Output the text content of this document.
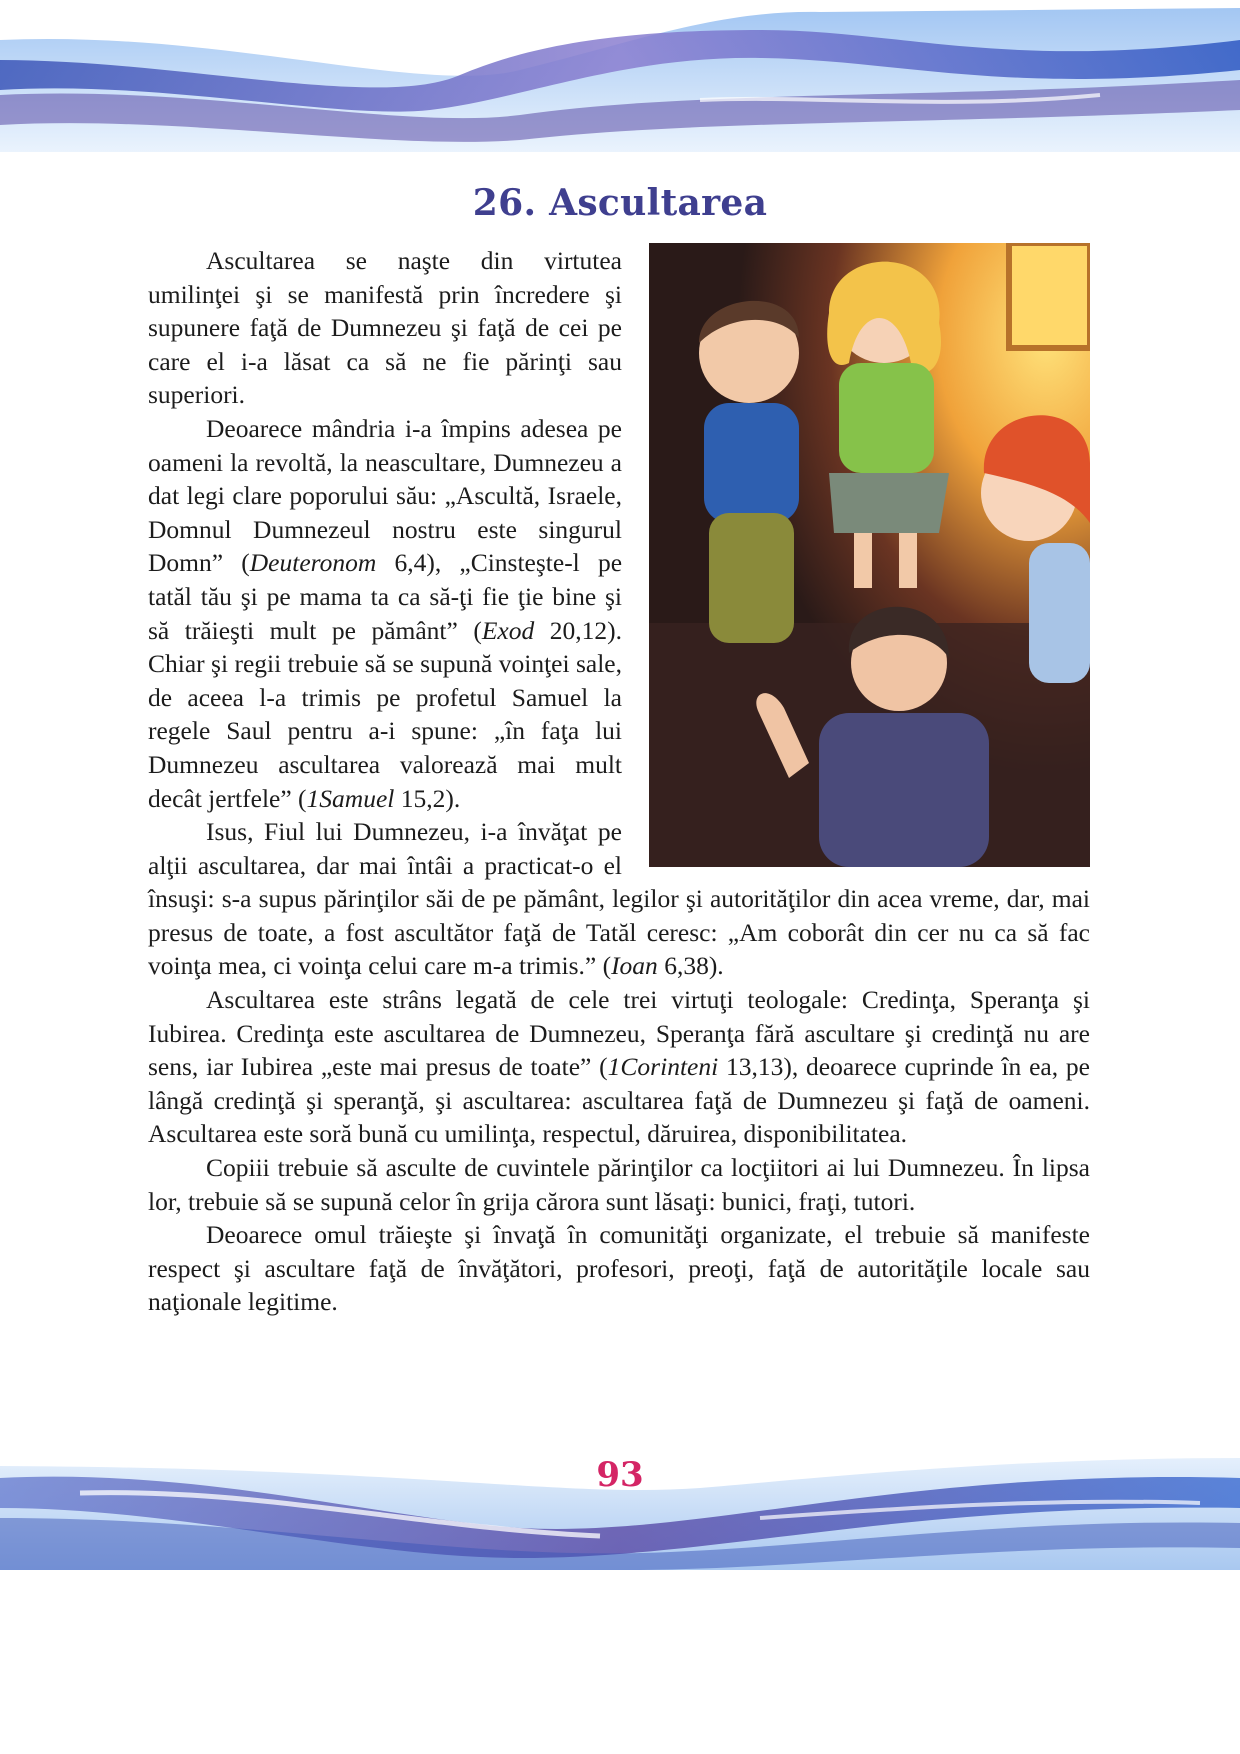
26. Ascultarea

Ascultarea se naşte din virtutea umilinţei şi se manifestă prin încredere şi supunere faţă de Dumnezeu şi faţă de cei pe care el i-a lăsat ca să ne fie părinţi sau superiori.

Deoarece mândria i-a împins adesea pe oameni la revoltă, la neascultare, Dumnezeu a dat legi clare poporului său: „Ascultă, Israele, Domnul Dumnezeul nostru este singurul Domn” (Deuteronom 6,4), „Cinsteşte-l pe tatăl tău şi pe mama ta ca să-ţi fie ţie bine şi să trăieşti mult pe pământ” (Exod 20,12). Chiar şi regii trebuie să se supună voinţei sale, de aceea l-a trimis pe profetul Samuel la regele Saul pentru a-i spune: „în faţa lui Dumnezeu ascultarea valorează mai mult decât jertfele” (1Samuel 15,2).

Isus, Fiul lui Dumnezeu, i-a învăţat pe alţii ascultarea, dar mai întâi a practicat-o el însuşi: s-a supus părinţilor săi de pe pământ, legilor şi autorităţilor din acea vreme, dar, mai presus de toate, a fost ascultător faţă de Tatăl ceresc: „Am coborât din cer nu ca să fac voinţa mea, ci voinţa celui care m-a trimis.” (Ioan 6,38).

Ascultarea este strâns legată de cele trei virtuţi teologale: Credinţa, Speranţa şi Iubirea. Credinţa este ascultarea de Dumnezeu, Speranţa fără ascultare şi credinţă nu are sens, iar Iubirea „este mai presus de toate” (1Corinteni 13,13), deoarece cuprinde în ea, pe lângă credinţă şi speranţă, şi ascultarea: ascultarea faţă de Dumnezeu şi faţă de oameni. Ascultarea este soră bună cu umilinţa, respectul, dăruirea, disponibilitatea.

Copiii trebuie să asculte de cuvintele părinţilor ca locţiitori ai lui Dumnezeu. În lipsa lor, trebuie să se supună celor în grija cărora sunt lăsaţi: bunici, fraţi, tutori.

Deoarece omul trăieşte şi învaţă în comunităţi organizate, el trebuie să manifeste respect şi ascultare faţă de învăţători, profesori, preoţi, faţă de autorităţile locale sau naţionale legitime.

93
